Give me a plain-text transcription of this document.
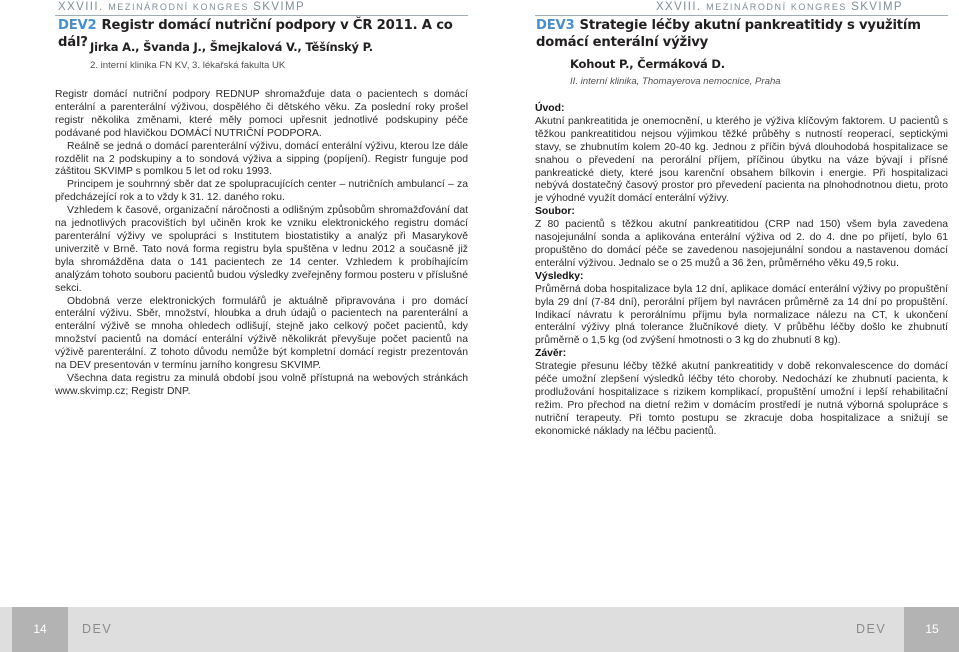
XXVIII. MEZINÁRODNÍ KONGRES SKVIMP
DEV2 Registr domácí nutriční podpory v ČR 2011. A co dál? Jirka A., Švanda J., Šmejkalová V., Těšínský P.
2. interní klinika FN KV, 3. lékařská fakulta UK

Registr domácí nutriční podpory REDNUP shromažďuje data o pacientech s domácí enterální a parenterální výživou, dospělého či dětského věku. Za poslední roky prošel registr několika změnami, které měly pomoci upřesnit jednotlivé podskupiny péče podávané pod hlavičkou DOMÁCÍ NUTRIČNÍ PODPORA.

Reálně se jedná o domácí parenterální výživu, domácí enterální výživu, kterou lze dále rozdělit na 2 podskupiny a to sondová výživa a sipping (popíjení). Registr funguje pod záštitou SKVIMP s pomlkou 5 let od roku 1993.

Principem je souhrnný sběr dat ze spolupracujících center – nutričních ambulancí – za předcházející rok a to vždy k 31. 12. daného roku.

Vzhledem k časové, organizační náročnosti a odlišným způsobům shromažďování dat na jednotlivých pracovištích byl učiněn krok ke vzniku elektronického registru domácí parenterální výživy ve spolupráci s Institutem biostatistiky a analýz při Masarykově univerzitě v Brně. Tato nová forma registru byla spuštěna v lednu 2012 a současně již byla shromážděna data o 141 pacientech ze 14 center. Vzhledem k probíhajícím analýzám tohoto souboru pacientů budou výsledky zveřejněny formou posteru v příslušné sekci.

Obdobná verze elektronických formulářů je aktuálně připravována i pro domácí enterální výživu. Sběr, množství, hloubka a druh údajů o pacientech na parenterální a enterální výživě se mnoha ohledech odlišují, stejně jako celkový počet pacientů, kdy množství pacientů na domácí enterální výživě několikrát převyšuje počet pacientů na výživě parenterální. Z tohoto důvodu nemůže být kompletní domácí registr prezentován na DEV presentován v termínu jarního kongresu SKVIMP.

Všechna data registru za minulá období jsou volně přístupná na webových stránkách www.skvimp.cz; Registr DNP.

XXVIII. MEZINÁRODNÍ KONGRES SKVIMP
DEV3 Strategie léčby akutní pankreatitidy s využitím domácí enterální výživy
Kohout P., Čermáková D.
II. interní klinika, Thomayerova nemocnice, Praha

Úvod:

Akutní pankreatitida je onemocnění, u kterého je výživa klíčovým faktorem. U pacientů s těžkou pankreatitidou nejsou výjimkou těžké průběhy s nutností reoperací, septickými stavy, se zhubnutím kolem 20-40 kg. Jednou z příčin bývá dlouhodobá hospitalizace se snahou o převedení na perorální příjem, příčinou úbytku na váze bývají i přísné pankreatické diety, které jsou karenční obsahem bílkovin i energie. Při hospitalizaci nebývá dostatečný časový prostor pro převedení pacienta na plnohodnotnou dietu, proto je výhodné využít domácí enterální výživy.

Soubor:

Z 80 pacientů s těžkou akutní pankreatitidou (CRP nad 150) všem byla zavedena nasojejunální sonda a aplikována enterální výživa od 2. do 4. dne po přijetí, bylo 61 propuštěno do domácí péče se zavedenou nasojejunální sondou a nastavenou domácí enterální výživou. Jednalo se o 25 mužů a 36 žen, průměrného věku 49,5 roku.

Výsledky:

Průměrná doba hospitalizace byla 12 dní, aplikace domácí enterální výživy po propuštění byla 29 dní (7-84 dní), perorální příjem byl navrácen průměrně za 14 dní po propuštění. Indikací návratu k perorálnímu příjmu byla normalizace nálezu na CT, k ukončení enterální výživy plná tolerance žlučníkové diety. V průběhu léčby došlo ke zhubnutí průměrně o 1,5 kg (od zvýšení hmotnosti o 3 kg do zhubnutí 8 kg).

Závěr:

Strategie přesunu léčby těžké akutní pankreatitidy v době rekonvalescence do domácí péče umožní zlepšení výsledků léčby této choroby. Nedochází ke zhubnutí pacienta, k prodlužování hospitalizace s rizikem komplikací, propuštění umožní i lepší rehabilitační režim. Pro přechod na dietní režim v domácím prostředí je nutná výborná spolupráce s nutriční terapeuty. Při tomto postupu se zkracuje doba hospitalizace a snižují se ekonomické náklady na léčbu pacientů.

14	DEV	DEV	15
